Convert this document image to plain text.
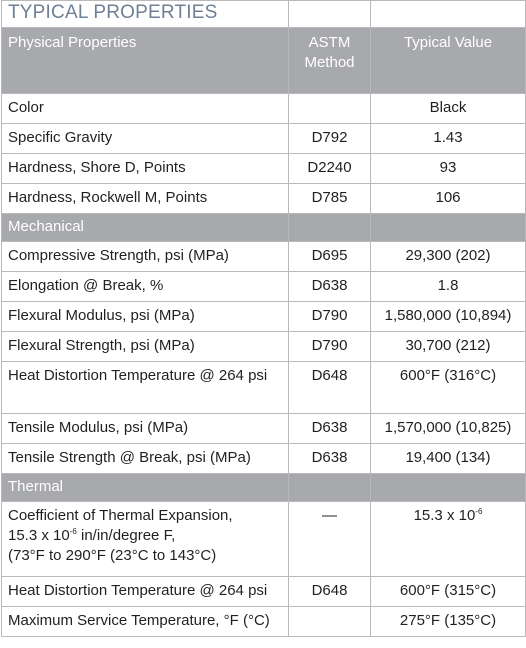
TYPICAL PROPERTIES		
Physical Properties	ASTM Method	Typical Value
Color		Black
Specific Gravity	D792	1.43
Hardness, Shore D, Points	D2240	93
Hardness, Rockwell M, Points	D785	106
Mechanical		
Compressive Strength, psi (MPa)	D695	29,300 (202)
Elongation @ Break, %	D638	1.8
Flexural Modulus, psi (MPa)	D790	1,580,000 (10,894)
Flexural Strength, psi (MPa)	D790	30,700 (212)
Heat Distortion Temperature @ 264 psi	D648	600°F (316°C)
Tensile Modulus, psi (MPa)	D638	1,570,000 (10,825)
Tensile Strength @ Break, psi (MPa)	D638	19,400 (134)
Thermal		
Coefficient of Thermal Expansion,
15.3 x $10^{-6}$ in/in/degree F,
(73°F to 290°F (23°C to 143°C)	—	15.3 x $10^{-6}$
Heat Distortion Temperature @ 264 psi	D648	600°F (315°C)
Maximum Service Temperature, °F (°C)		275°F (135°C)
